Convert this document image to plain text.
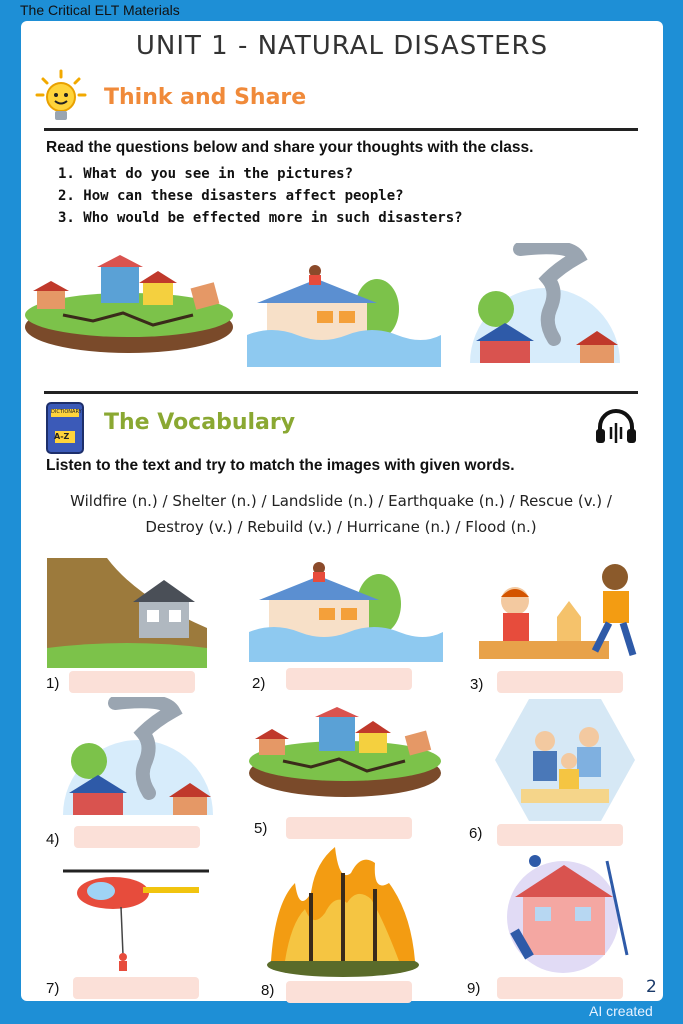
The Critical ELT Materials
UNIT 1 - NATURAL DISASTERS
Think and Share
Read the questions below and share your thoughts with the class.
1. What do you see in the pictures?
2. How can these disasters affect people?
3. Who would be effected more in such disasters?
DICTIONARY
A-Z
The Vocabulary
Listen to the text and try to match the images with given words.
Wildfire (n.) / Shelter (n.) / Landslide (n.) / Earthquake (n.) / Rescue (v.) /
Destroy (v.) / Rebuild (v.) / Hurricane (n.) / Flood (n.)
1)	2)	3)
4)
5)	6)
7)	8)	9)	2
AI created
